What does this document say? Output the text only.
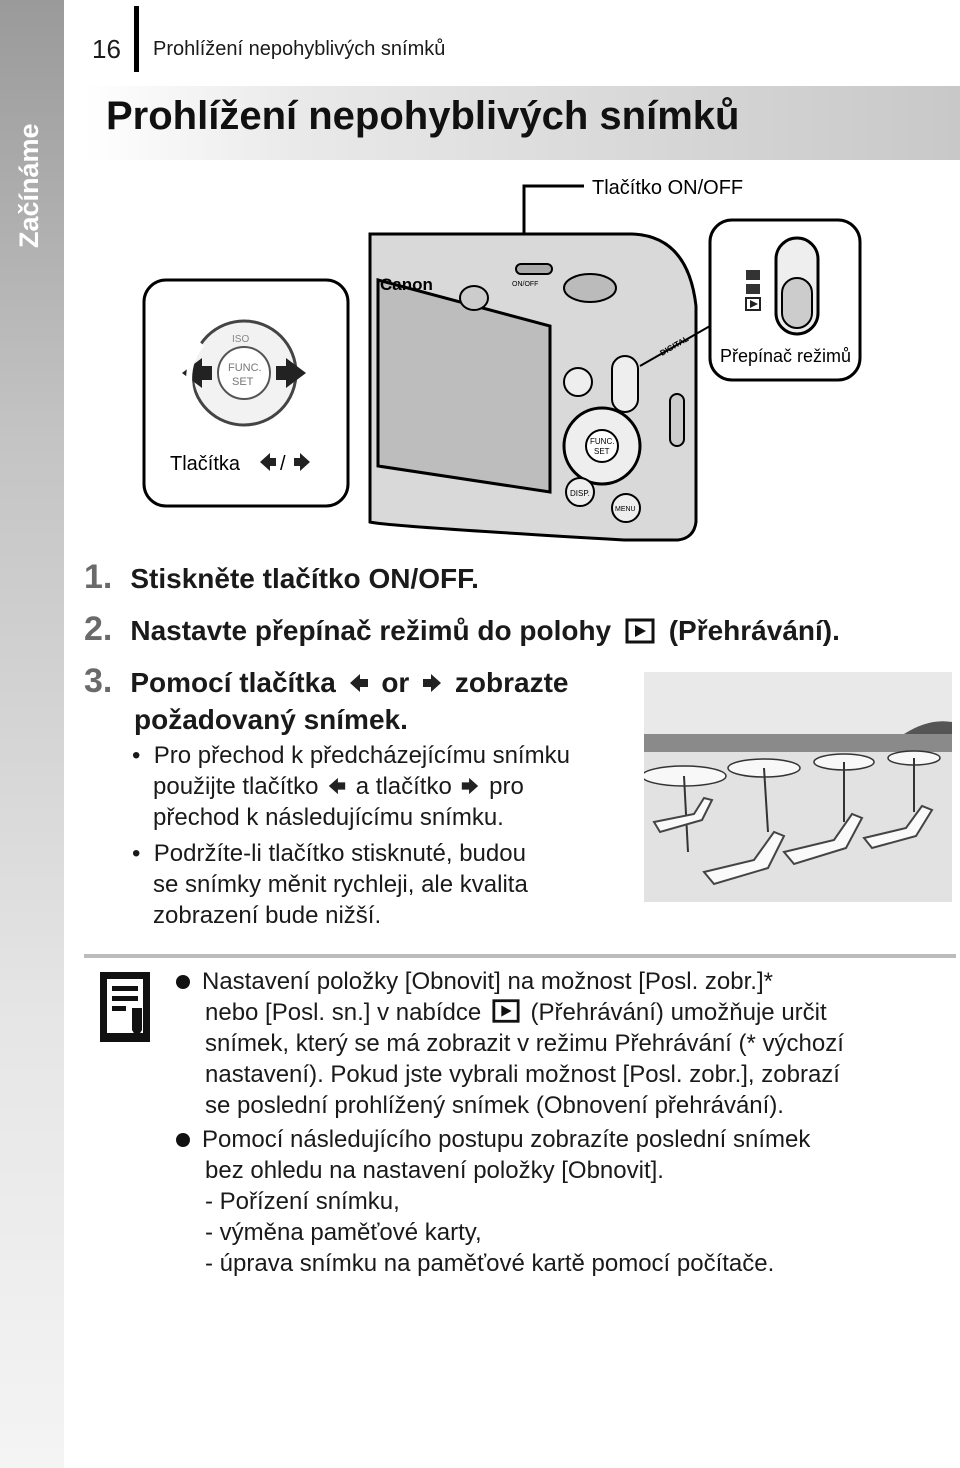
Začínáme
16 Prohlížení nepohyblivých snímků
Prohlížení nepohyblivých snímků
Tlačítko ON/OFF
FUNC.
SET
ISO
Tlačítka /
Canon	ON/OFF
FUNC.
SET
DISP.
MENU
Přepínač režimů
1. Stiskněte tlačítko ON/OFF.
2. Nastavte přepínač režimů do polohy (Přehrávání).
3. Pomocí tlačítka or zobrazte
požadovaný snímek.
•  Pro přechod k předcházejícímu snímku
použijte tlačítko a tlačítko pro
přechod k následujícímu snímku.
•  Podržíte-li tlačítko stisknuté, budou
se snímky měnit rychleji, ale kvalita
zobrazení bude nižší.
Nastavení položky [Obnovit] na možnost [Posl. zobr.]*
nebo [Posl. sn.] v nabídce (Přehrávání) umožňuje určit
snímek, který se má zobrazit v režimu Přehrávání (* výchozí
nastavení). Pokud jste vybrali možnost [Posl. zobr.], zobrazí
se poslední prohlížený snímek (Obnovení přehrávání).
Pomocí následujícího postupu zobrazíte poslední snímek
bez ohledu na nastavení položky [Obnovit].
- Pořízení snímku,
- výměna paměťové karty,
- úprava snímku na paměťové kartě pomocí počítače.
